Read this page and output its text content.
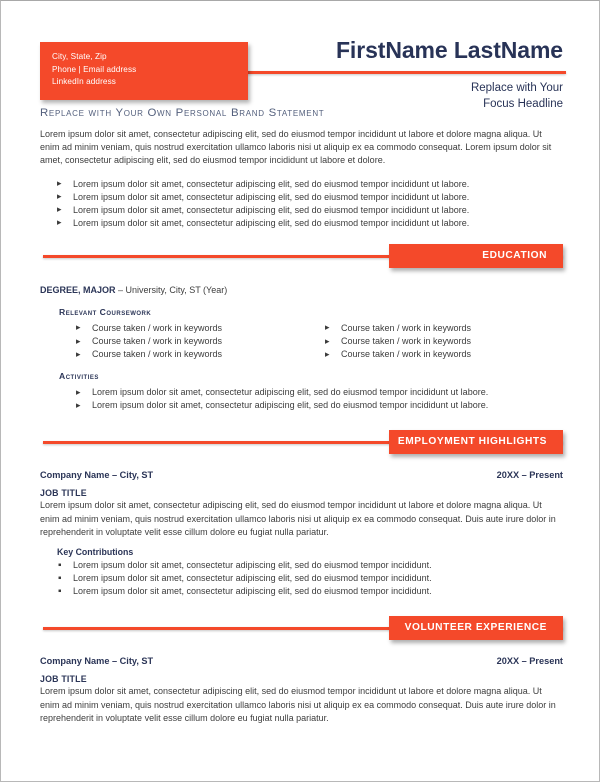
City, State, Zip
Phone | Email address
LinkedIn address
FirstName LastName
Replace with Your
Focus Headline
Replace with Your Own Personal Brand Statement

Lorem ipsum dolor sit amet, consectetur adipiscing elit, sed do eiusmod tempor incididunt ut labore et dolore magna aliqua. Ut enim ad minim veniam, quis nostrud exercitation ullamco laboris nisi ut aliquip ex ea commodo consequat. Lorem ipsum dolor sit amet, consectetur adipiscing elit, sed do eiusmod tempor incididunt ut labore et dolore.

▸ Lorem ipsum dolor sit amet, consectetur adipiscing elit, sed do eiusmod tempor incididunt ut labore.
▸ Lorem ipsum dolor sit amet, consectetur adipiscing elit, sed do eiusmod tempor incididunt ut labore.
▸ Lorem ipsum dolor sit amet, consectetur adipiscing elit, sed do eiusmod tempor incididunt ut labore.
▸ Lorem ipsum dolor sit amet, consectetur adipiscing elit, sed do eiusmod tempor incididunt ut labore.
EDUCATION
DEGREE, MAJOR – University, City, ST (Year)
Relevant Coursework
▸ Course taken / work in keywords
▸ Course taken / work in keywords
▸ Course taken / work in keywords
▸ Course taken / work in keywords
▸ Course taken / work in keywords
▸ Course taken / work in keywords
Activities
▸ Lorem ipsum dolor sit amet, consectetur adipiscing elit, sed do eiusmod tempor incididunt ut labore.
▸ Lorem ipsum dolor sit amet, consectetur adipiscing elit, sed do eiusmod tempor incididunt ut labore.
EMPLOYMENT HIGHLIGHTS
Company Name – City, ST	20XX – Present
JOB TITLE

Lorem ipsum dolor sit amet, consectetur adipiscing elit, sed do eiusmod tempor incididunt ut labore et dolore magna aliqua. Ut enim ad minim veniam, quis nostrud exercitation ullamco laboris nisi ut aliquip ex ea commodo consequat. Duis aute irure dolor in reprehenderit in voluptate velit esse cillum dolore eu fugiat nulla pariatur.

Key Contributions
▪ Lorem ipsum dolor sit amet, consectetur adipiscing elit, sed do eiusmod tempor incididunt.
▪ Lorem ipsum dolor sit amet, consectetur adipiscing elit, sed do eiusmod tempor incididunt.
▪ Lorem ipsum dolor sit amet, consectetur adipiscing elit, sed do eiusmod tempor incididunt.
VOLUNTEER EXPERIENCE
Company Name – City, ST	20XX – Present
JOB TITLE

Lorem ipsum dolor sit amet, consectetur adipiscing elit, sed do eiusmod tempor incididunt ut labore et dolore magna aliqua. Ut enim ad minim veniam, quis nostrud exercitation ullamco laboris nisi ut aliquip ex ea commodo consequat. Duis aute irure dolor in reprehenderit in voluptate velit esse cillum dolore eu fugiat nulla pariatur.
